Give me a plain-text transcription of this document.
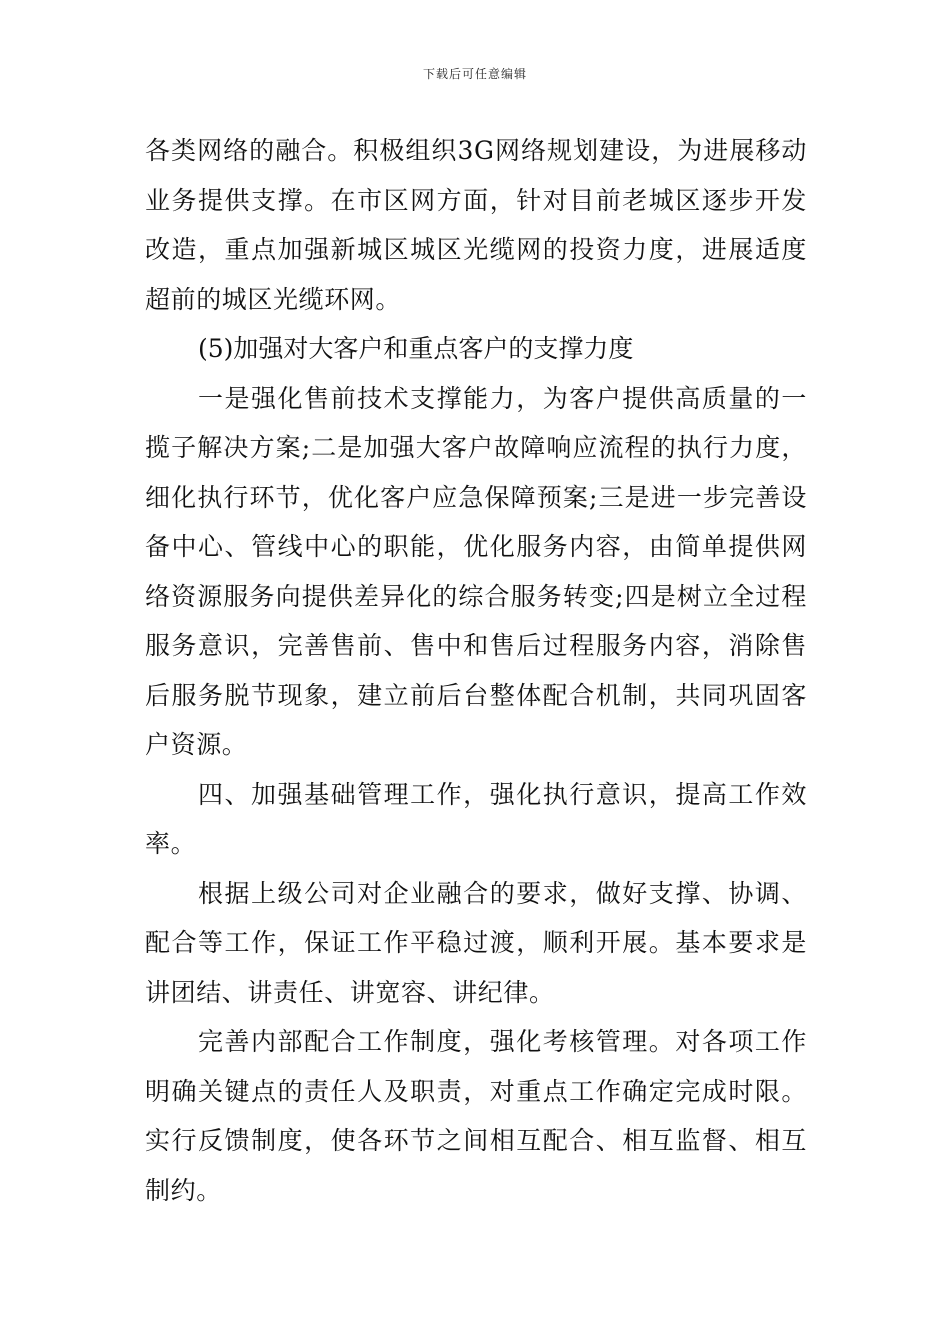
下载后可任意编辑

各类网络的融合。积极组织3G网络规划建设，为进展移动业务提供支撑。在市区网方面，针对目前老城区逐步开发改造，重点加强新城区城区光缆网的投资力度，进展适度超前的城区光缆环网。

(5)加强对大客户和重点客户的支撑力度

一是强化售前技术支撑能力，为客户提供高质量的一揽子解决方案;二是加强大客户故障响应流程的执行力度，细化执行环节，优化客户应急保障预案;三是进一步完善设备中心、管线中心的职能，优化服务内容，由简单提供网络资源服务向提供差异化的综合服务转变;四是树立全过程服务意识，完善售前、售中和售后过程服务内容，消除售后服务脱节现象，建立前后台整体配合机制，共同巩固客户资源。

四、加强基础管理工作，强化执行意识，提高工作效率。

根据上级公司对企业融合的要求，做好支撑、协调、配合等工作，保证工作平稳过渡，顺利开展。基本要求是讲团结、讲责任、讲宽容、讲纪律。

完善内部配合工作制度，强化考核管理。对各项工作明确关键点的责任人及职责，对重点工作确定完成时限。实行反馈制度，使各环节之间相互配合、相互监督、相互制约。
